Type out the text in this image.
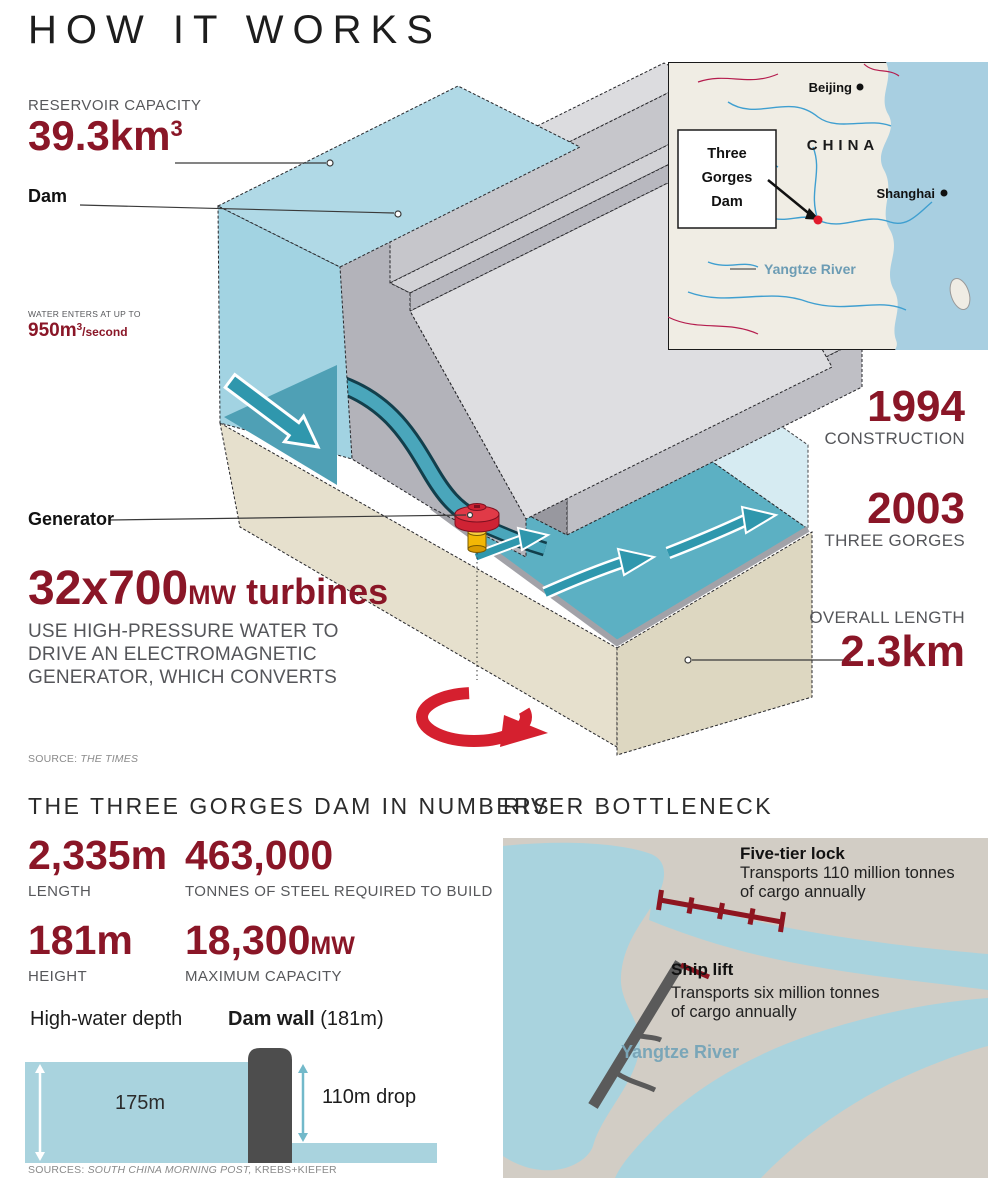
HOW IT WORKS
RESERVOIR CAPACITY
$39.3km^3$
Dam
WATER ENTERS AT UP TO
$950m^3$/second
Generator
32x700MW turbines
USE HIGH-PRESSURE WATER TO
DRIVE AN ELECTROMAGNETIC
GENERATOR, WHICH CONVERTS
SOURCE: THE TIMES
1994
CONSTRUCTION
2003
THREE GORGES
OVERALL LENGTH
2.3km
Beijing
CHINA
Shanghai
Three
Gorges
Dam
Yangtze River
THE THREE GORGES DAM IN NUMBERS
2,335m
LENGTH
463,000
TONNES OF STEEL REQUIRED TO BUILD
181m
HEIGHT
18,300MW
MAXIMUM CAPACITY
High-water depth Dam wall (181m)
175m	110m drop
SOURCES: SOUTH CHINA MORNING POST, KREBS+KIEFER
RIVER BOTTLENECK
Five-tier lock
Transports 110 million tonnes
of cargo annually
Ship lift
Transports six million tonnes
of cargo annually
Yangtze River
